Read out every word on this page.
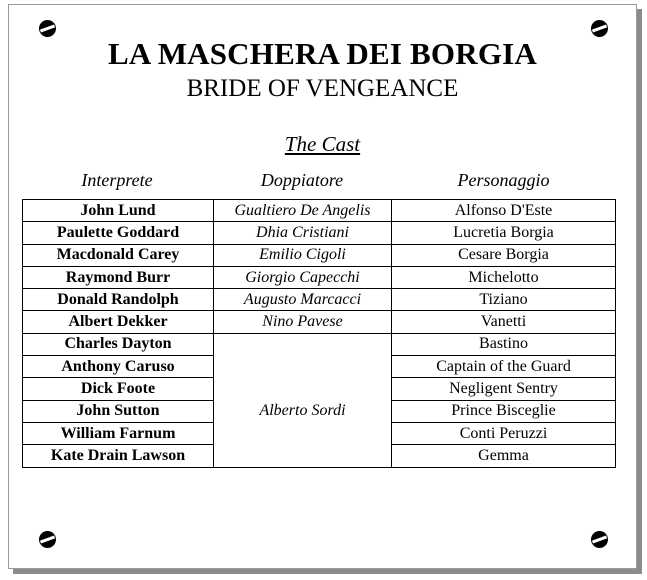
LA MASCHERA DEI BORGIA
BRIDE OF VENGEANCE
The Cast
Interprete	Doppiatore	Personaggio
John Lund	Gualtiero De Angelis	Alfonso D'Este
Paulette Goddard	Dhia Cristiani	Lucretia Borgia
Macdonald Carey	Emilio Cigoli	Cesare Borgia
Raymond Burr	Giorgio Capecchi	Michelotto
Donald Randolph	Augusto Marcacci	Tiziano
Albert Dekker	Nino Pavese	Vanetti
Charles Dayton		Bastino
Anthony Caruso		Captain of the Guard
Dick Foote		Negligent Sentry
John Sutton	Alberto Sordi	Prince Bisceglie
William Farnum		Conti Peruzzi
Kate Drain Lawson		Gemma
